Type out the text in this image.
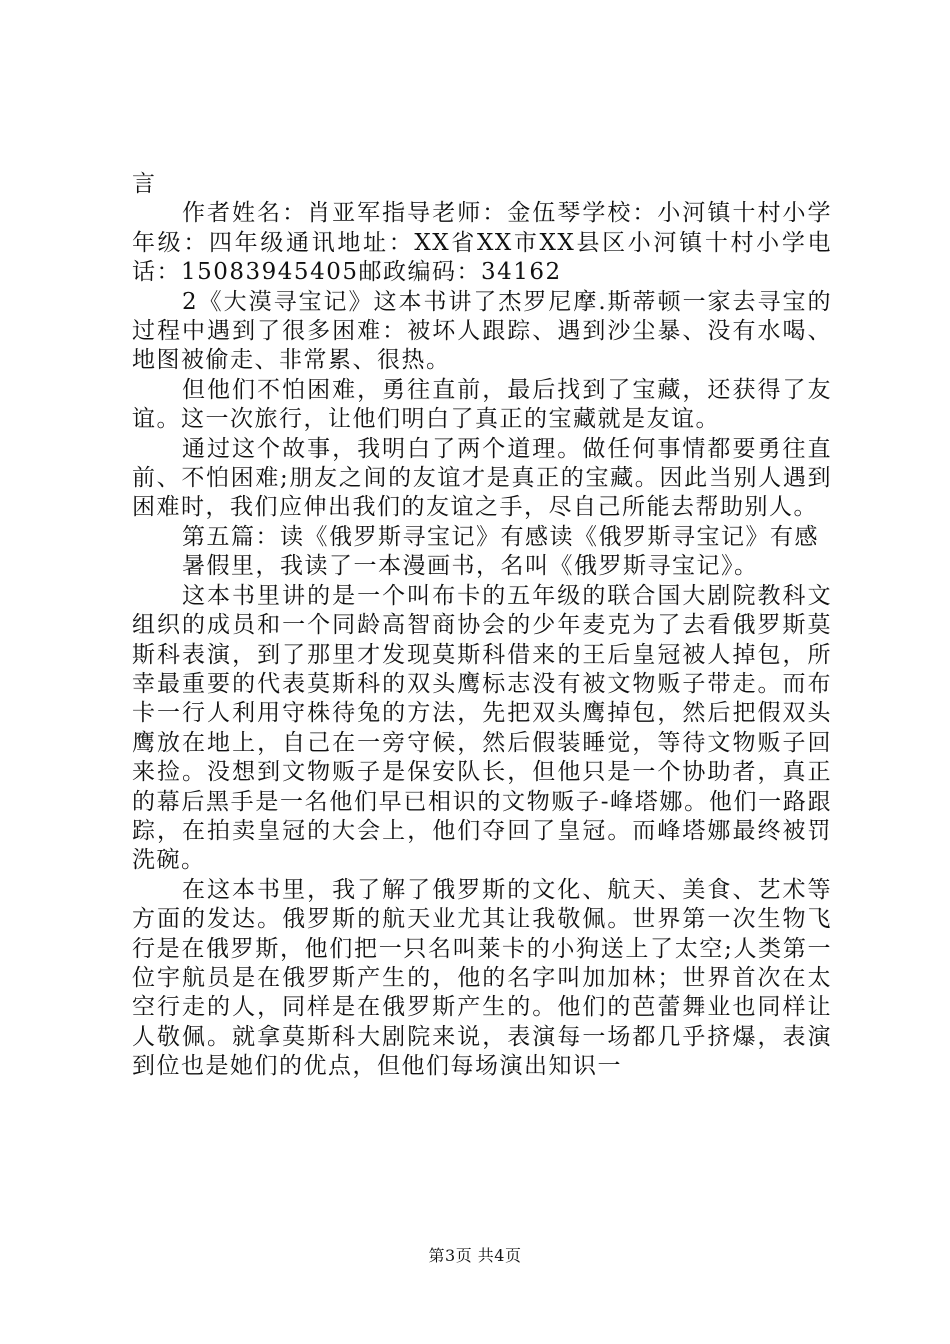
言

作者姓名：肖亚军指导老师：金伍琴学校：小河镇十村小学年级：四年级通讯地址：XX省XX市XX县区小河镇十村小学电话：15083945405邮政编码：34162

2《大漠寻宝记》这本书讲了杰罗尼摩.斯蒂顿一家去寻宝的过程中遇到了很多困难：被坏人跟踪、遇到沙尘暴、没有水喝、地图被偷走、非常累、很热。

但他们不怕困难，勇往直前，最后找到了宝藏，还获得了友谊。这一次旅行，让他们明白了真正的宝藏就是友谊。

通过这个故事，我明白了两个道理。做任何事情都要勇往直前、不怕困难;朋友之间的友谊才是真正的宝藏。因此当别人遇到困难时，我们应伸出我们的友谊之手，尽自己所能去帮助别人。

第五篇：读《俄罗斯寻宝记》有感读《俄罗斯寻宝记》有感

暑假里，我读了一本漫画书，名叫《俄罗斯寻宝记》。

这本书里讲的是一个叫布卡的五年级的联合国大剧院教科文组织的成员和一个同龄高智商协会的少年麦克为了去看俄罗斯莫斯科表演，到了那里才发现莫斯科借来的王后皇冠被人掉包，所幸最重要的代表莫斯科的双头鹰标志没有被文物贩子带走。而布卡一行人利用守株待兔的方法，先把双头鹰掉包，然后把假双头鹰放在地上，自己在一旁守候，然后假装睡觉，等待文物贩子回来捡。没想到文物贩子是保安队长，但他只是一个协助者，真正的幕后黑手是一名他们早已相识的文物贩子-峰塔娜。他们一路跟踪，在拍卖皇冠的大会上，他们夺回了皇冠。而峰塔娜最终被罚洗碗。

在这本书里，我了解了俄罗斯的文化、航天、美食、艺术等方面的发达。俄罗斯的航天业尤其让我敬佩。世界第一次生物飞行是在俄罗斯，他们把一只名叫莱卡的小狗送上了太空;人类第一位宇航员是在俄罗斯产生的，他的名字叫加加林；世界首次在太空行走的人，同样是在俄罗斯产生的。他们的芭蕾舞业也同样让人敬佩。就拿莫斯科大剧院来说，表演每一场都几乎挤爆，表演到位也是她们的优点，但他们每场演出知识一

第3页 共4页
